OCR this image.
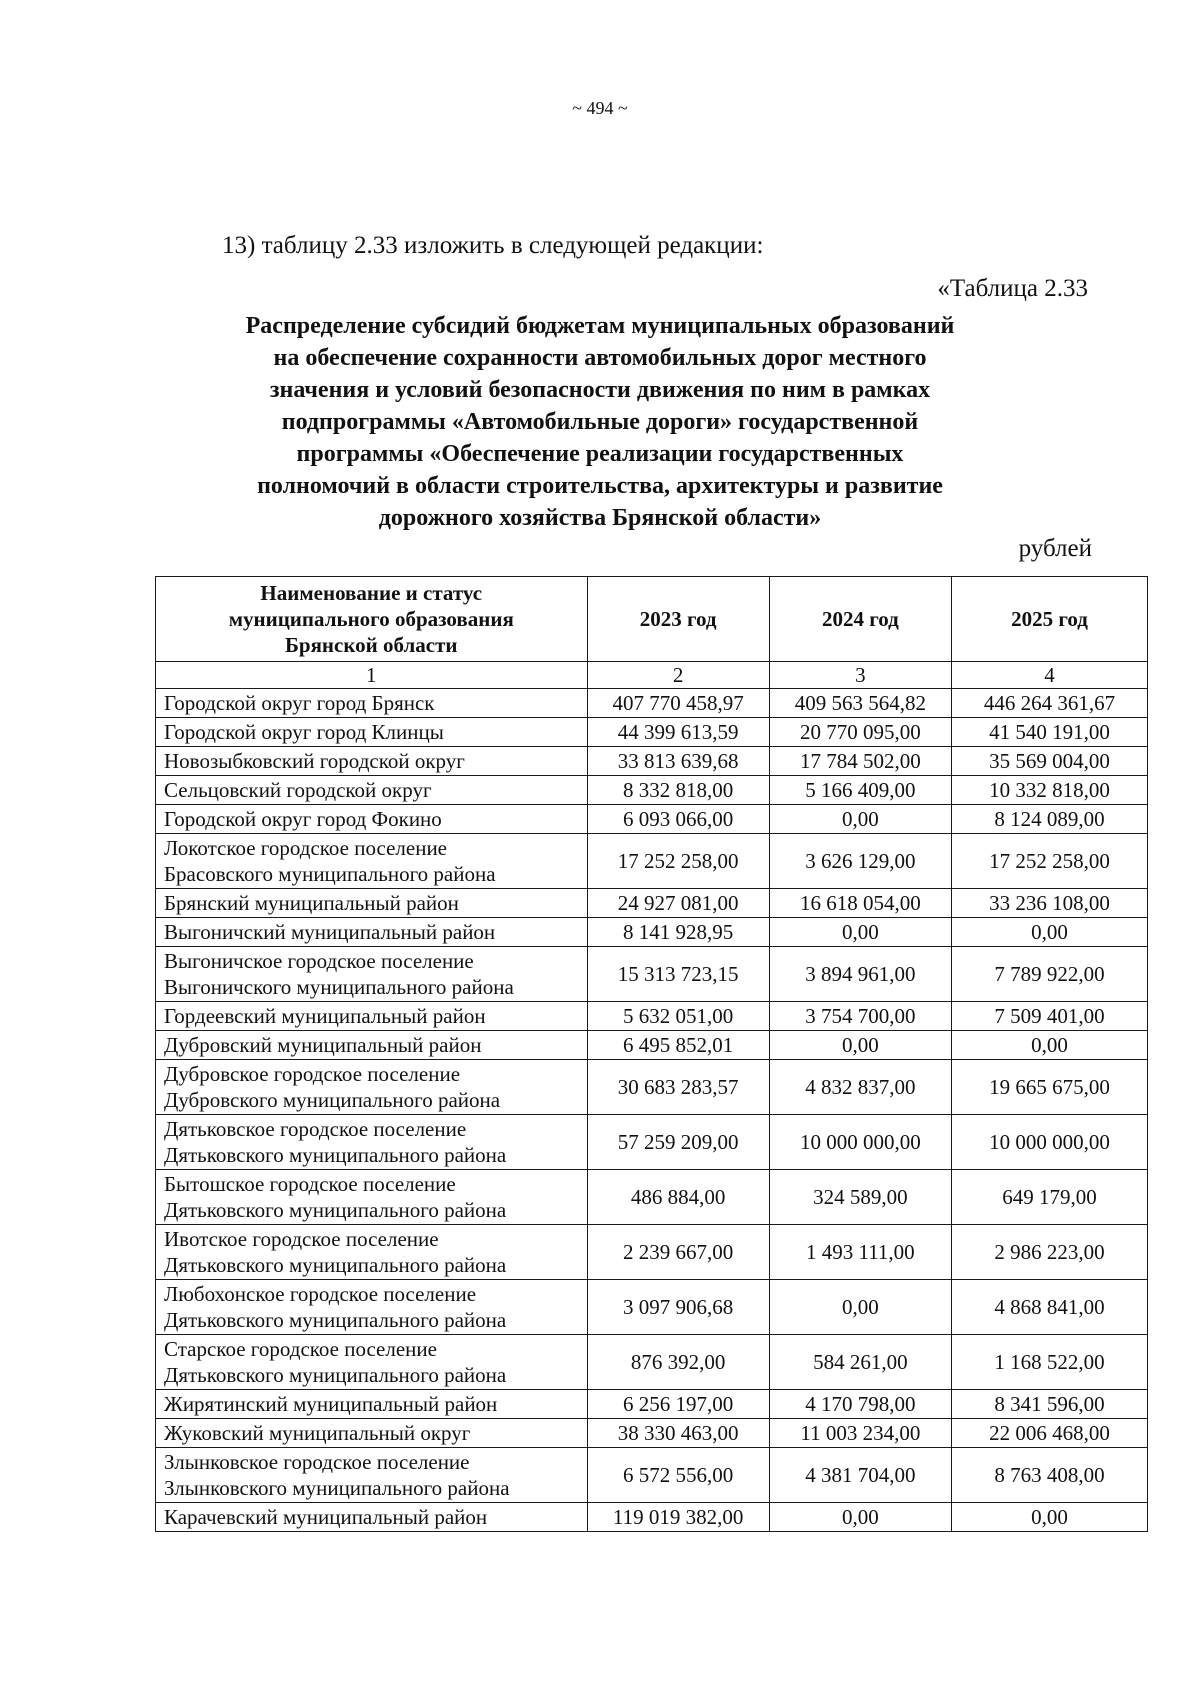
~ 494 ~
13) таблицу 2.33 изложить в следующей редакции:
«Таблица 2.33
Распределение субсидий бюджетам муниципальных образований
на обеспечение сохранности автомобильных дорог местного
значения и условий безопасности движения по ним в рамках
подпрограммы «Автомобильные дороги» государственной
программы «Обеспечение реализации государственных
полномочий в области строительства, архитектуры и развитие
дорожного хозяйства Брянской области»
рублей
Наименование и статус
муниципального образования
Брянской области	2023 год	2024 год	2025 год
1	2	3	4

Городской округ город Брянск	407 770 458,97	409 563 564,82	446 264 361,67

Городской округ город Клинцы	44 399 613,59	20 770 095,00	41 540 191,00

Новозыбковский городской округ	33 813 639,68	17 784 502,00	35 569 004,00

Сельцовский городской округ	8 332 818,00	5 166 409,00	10 332 818,00

Городской округ город Фокино	6 093 066,00	0,00	8 124 089,00

Локотское городское поселение
Брасовского муниципального района	17 252 258,00	3 626 129,00	17 252 258,00

Брянский муниципальный район	24 927 081,00	16 618 054,00	33 236 108,00

Выгоничский муниципальный район	8 141 928,95	0,00	0,00

Выгоничское городское поселение
Выгоничского муниципального района	15 313 723,15	3 894 961,00	7 789 922,00

Гордеевский муниципальный район	5 632 051,00	3 754 700,00	7 509 401,00

Дубровский муниципальный район	6 495 852,01	0,00	0,00

Дубровское городское поселение
Дубровского муниципального района	30 683 283,57	4 832 837,00	19 665 675,00

Дятьковское городское поселение
Дятьковского муниципального района	57 259 209,00	10 000 000,00	10 000 000,00

Бытошское городское поселение
Дятьковского муниципального района	486 884,00	324 589,00	649 179,00

Ивотское городское поселение
Дятьковского муниципального района	2 239 667,00	1 493 111,00	2 986 223,00

Любохонское городское поселение
Дятьковского муниципального района	3 097 906,68	0,00	4 868 841,00

Старское городское поселение
Дятьковского муниципального района	876 392,00	584 261,00	1 168 522,00

Жирятинский муниципальный район	6 256 197,00	4 170 798,00	8 341 596,00

Жуковский муниципальный округ	38 330 463,00	11 003 234,00	22 006 468,00

Злынковское городское поселение
Злынковского муниципального района	6 572 556,00	4 381 704,00	8 763 408,00

Карачевский муниципальный район	119 019 382,00	0,00	0,00
